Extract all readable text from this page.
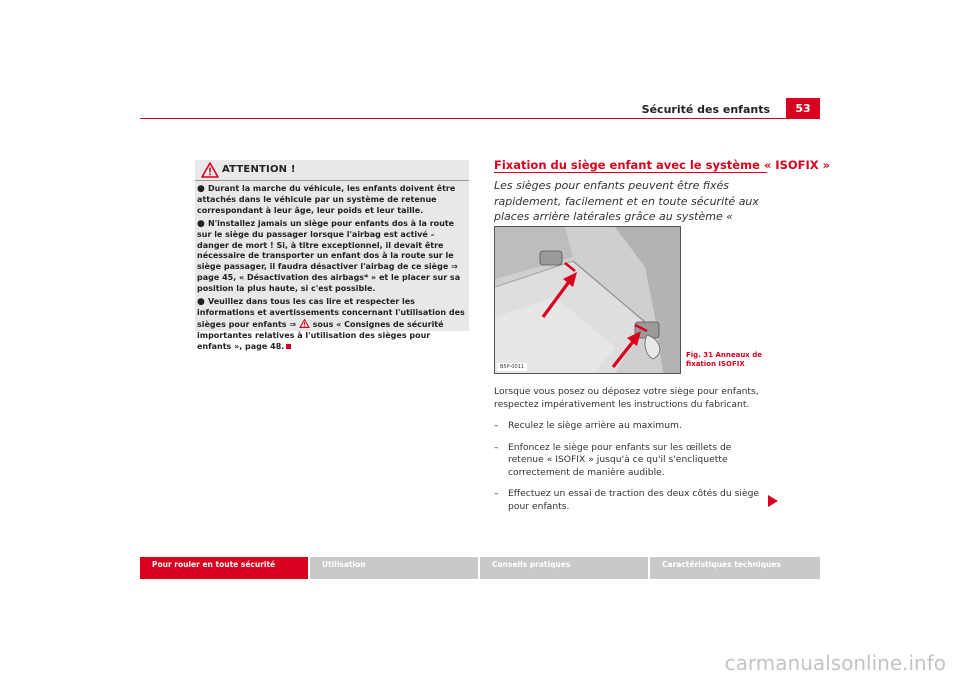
Sécurité des enfants	53
ATTENTION !

● Durant la marche du véhicule, les enfants doivent être attachés dans le véhicule par un système de retenue correspondant à leur âge, leur poids et leur taille.

● N'installez jamais un siège pour enfants dos à la route sur le siège du passager lorsque l'airbag est activé – danger de mort ! Si, à titre exceptionnel, il devait être nécessaire de transporter un enfant dos à la route sur le siège passager, il faudra désactiver l'airbag de ce siège ⇒ page 45, « Désactivation des airbags* » et le placer sur sa position la plus haute, si c'est possible.

● Veuillez dans tous les cas lire et respecter les informations et avertissements concernant l'utilisation des sièges pour enfants ⇒ sous « Consignes de sécurité importantes relatives à l'utilisation des sièges pour enfants », page 48.

Fixation du siège enfant avec le système « ISOFIX »
Les sièges pour enfants peuvent être fixés rapidement, facilement et en toute sécurité aux places arrière latérales grâce au système «
B5P-0011
Fig. 31 Anneaux de fixation ISOFIX

Lorsque vous posez ou déposez votre siège pour enfants, respectez impérativement les instructions du fabricant.

–	Reculez le siège arrière au maximum.
–	Enfoncez le siège pour enfants sur les œillets de retenue « ISOFIX » jusqu'à ce qu'il s'encliquette correctement de manière audible.
–	Effectuez un essai de traction des deux côtés du siège pour enfants.
Pour rouler en toute sécurité	Utilisation	Conseils pratiques	Caractéristiques techniques
carmanualsonline.info
